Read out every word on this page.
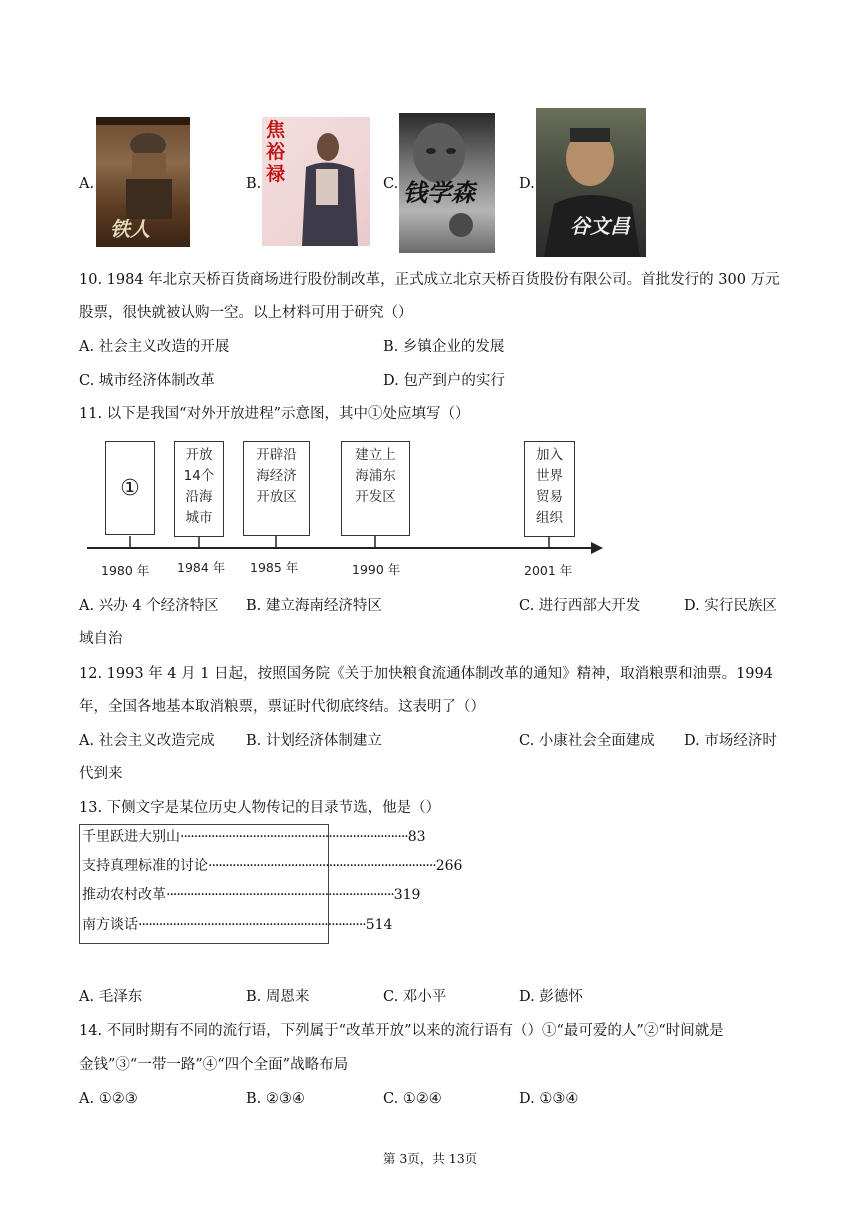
A.
铁人
B.
焦裕禄	C. 钱学森	D.
谷文昌
10. 1984 年北京天桥百货商场进行股份制改革，正式成立北京天桥百货股份有限公司。首批发行的 300 万元
股票，很快就被认购一空。以上材料可用于研究（）
A. 社会主义改造的开展	B. 乡镇企业的发展
C. 城市经济体制改革	D. 包产到户的实行
11. 以下是我国“对外开放进程”示意图，其中①处应填写（）
①
开放
14个
沿海
城市
开辟沿
海经济
开放区
建立上
海浦东
开发区
加入
世界
贸易
组织
1980 年 1984 年 1985 年	1990 年	2001 年
A. 兴办 4 个经济特区 B. 建立海南经济特区	C. 进行西部大开发	D. 实行民族区
域自治
12. 1993 年 4 月 1 日起，按照国务院《关于加快粮食流通体制改革的通知》精神，取消粮票和油票。1994
年，全国各地基本取消粮票，票证时代彻底终结。这表明了（）
A. 社会主义改造完成 B. 计划经济体制建立	C. 小康社会全面建成 D. 市场经济时
代到来
13. 下侧文字是某位历史人物传记的目录节选，他是（）
千里跃进大别山 ·································································· 83
支持真理标准的讨论 ·································································· 266
推动农村改革 ·································································· 319
南方谈话 ·································································· 514
A. 毛泽东	B. 周恩来	C. 邓小平	D. 彭德怀
14. 不同时期有不同的流行语，下列属于“改革开放”以来的流行语有（）①“最可爱的人”②“时间就是
金钱”③“一带一路”④“四个全面”战略布局
A. ①②③	B. ②③④	C. ①②④	D. ①③④
第 3页，共 13页
